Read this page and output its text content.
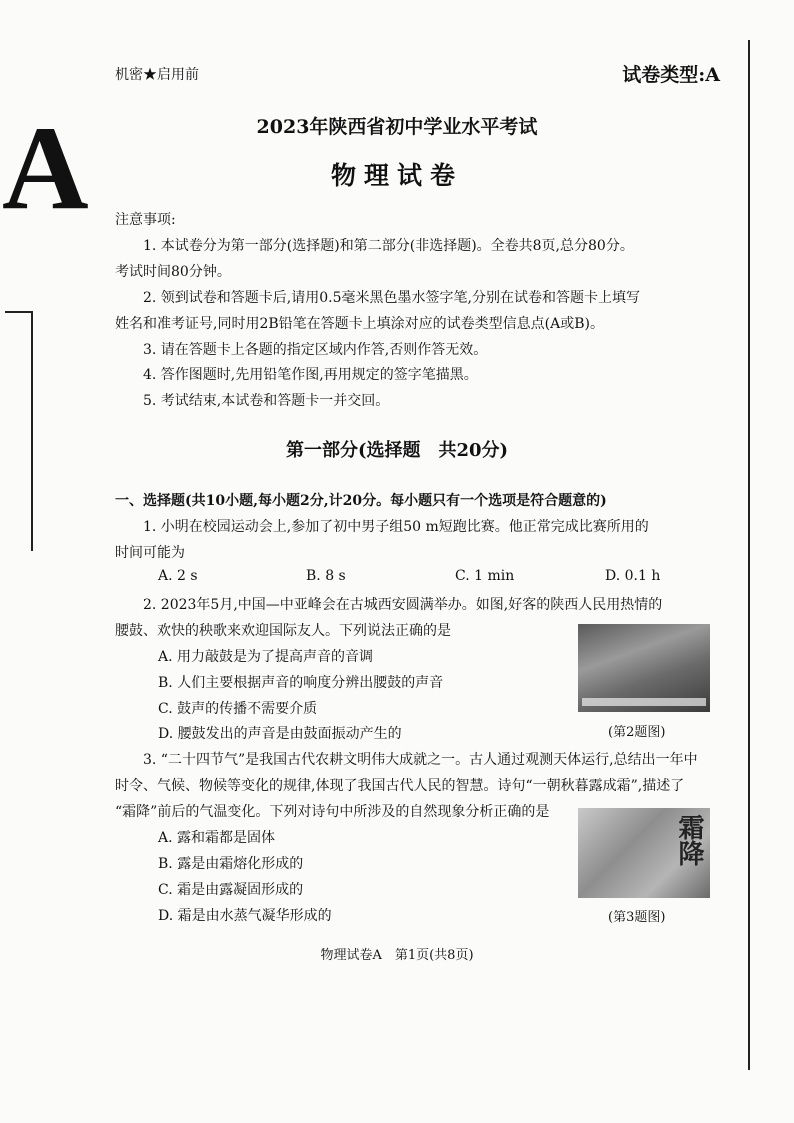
A
机密★启用前	试卷类型:A
2023年陕西省初中学业水平考试
物理试卷
注意事项:
1. 本试卷分为第一部分(选择题)和第二部分(非选择题)。全卷共8页,总分80分。
考试时间80分钟。
2. 领到试卷和答题卡后,请用0.5毫米黑色墨水签字笔,分别在试卷和答题卡上填写
姓名和准考证号,同时用2B铅笔在答题卡上填涂对应的试卷类型信息点(A或B)。
3. 请在答题卡上各题的指定区域内作答,否则作答无效。
4. 答作图题时,先用铅笔作图,再用规定的签字笔描黑。
5. 考试结束,本试卷和答题卡一并交回。
第一部分(选择题　共20分)
一、选择题(共10小题,每小题2分,计20分。每小题只有一个选项是符合题意的)
1. 小明在校园运动会上,参加了初中男子组50 m短跑比赛。他正常完成比赛所用的
时间可能为
A. 2 s	B. 8 s	C. 1 min	D. 0.1 h
2. 2023年5月,中国—中亚峰会在古城西安圆满举办。如图,好客的陕西人民用热情的
腰鼓、欢快的秧歌来欢迎国际友人。下列说法正确的是
A. 用力敲鼓是为了提高声音的音调
B. 人们主要根据声音的响度分辨出腰鼓的声音
C. 鼓声的传播不需要介质
D. 腰鼓发出的声音是由鼓面振动产生的	(第2题图)
3. “二十四节气”是我国古代农耕文明伟大成就之一。古人通过观测天体运行,总结出一年中
时令、气候、物候等变化的规律,体现了我国古代人民的智慧。诗句“一朝秋暮露成霜”,描述了
“霜降”前后的气温变化。下列对诗句中所涉及的自然现象分析正确的是
A. 露和霜都是固体
B. 露是由霜熔化形成的
C. 霜是由露凝固形成的
D. 霜是由水蒸气凝华形成的
霜降
(第3题图)
物理试卷A　第1页(共8页)
